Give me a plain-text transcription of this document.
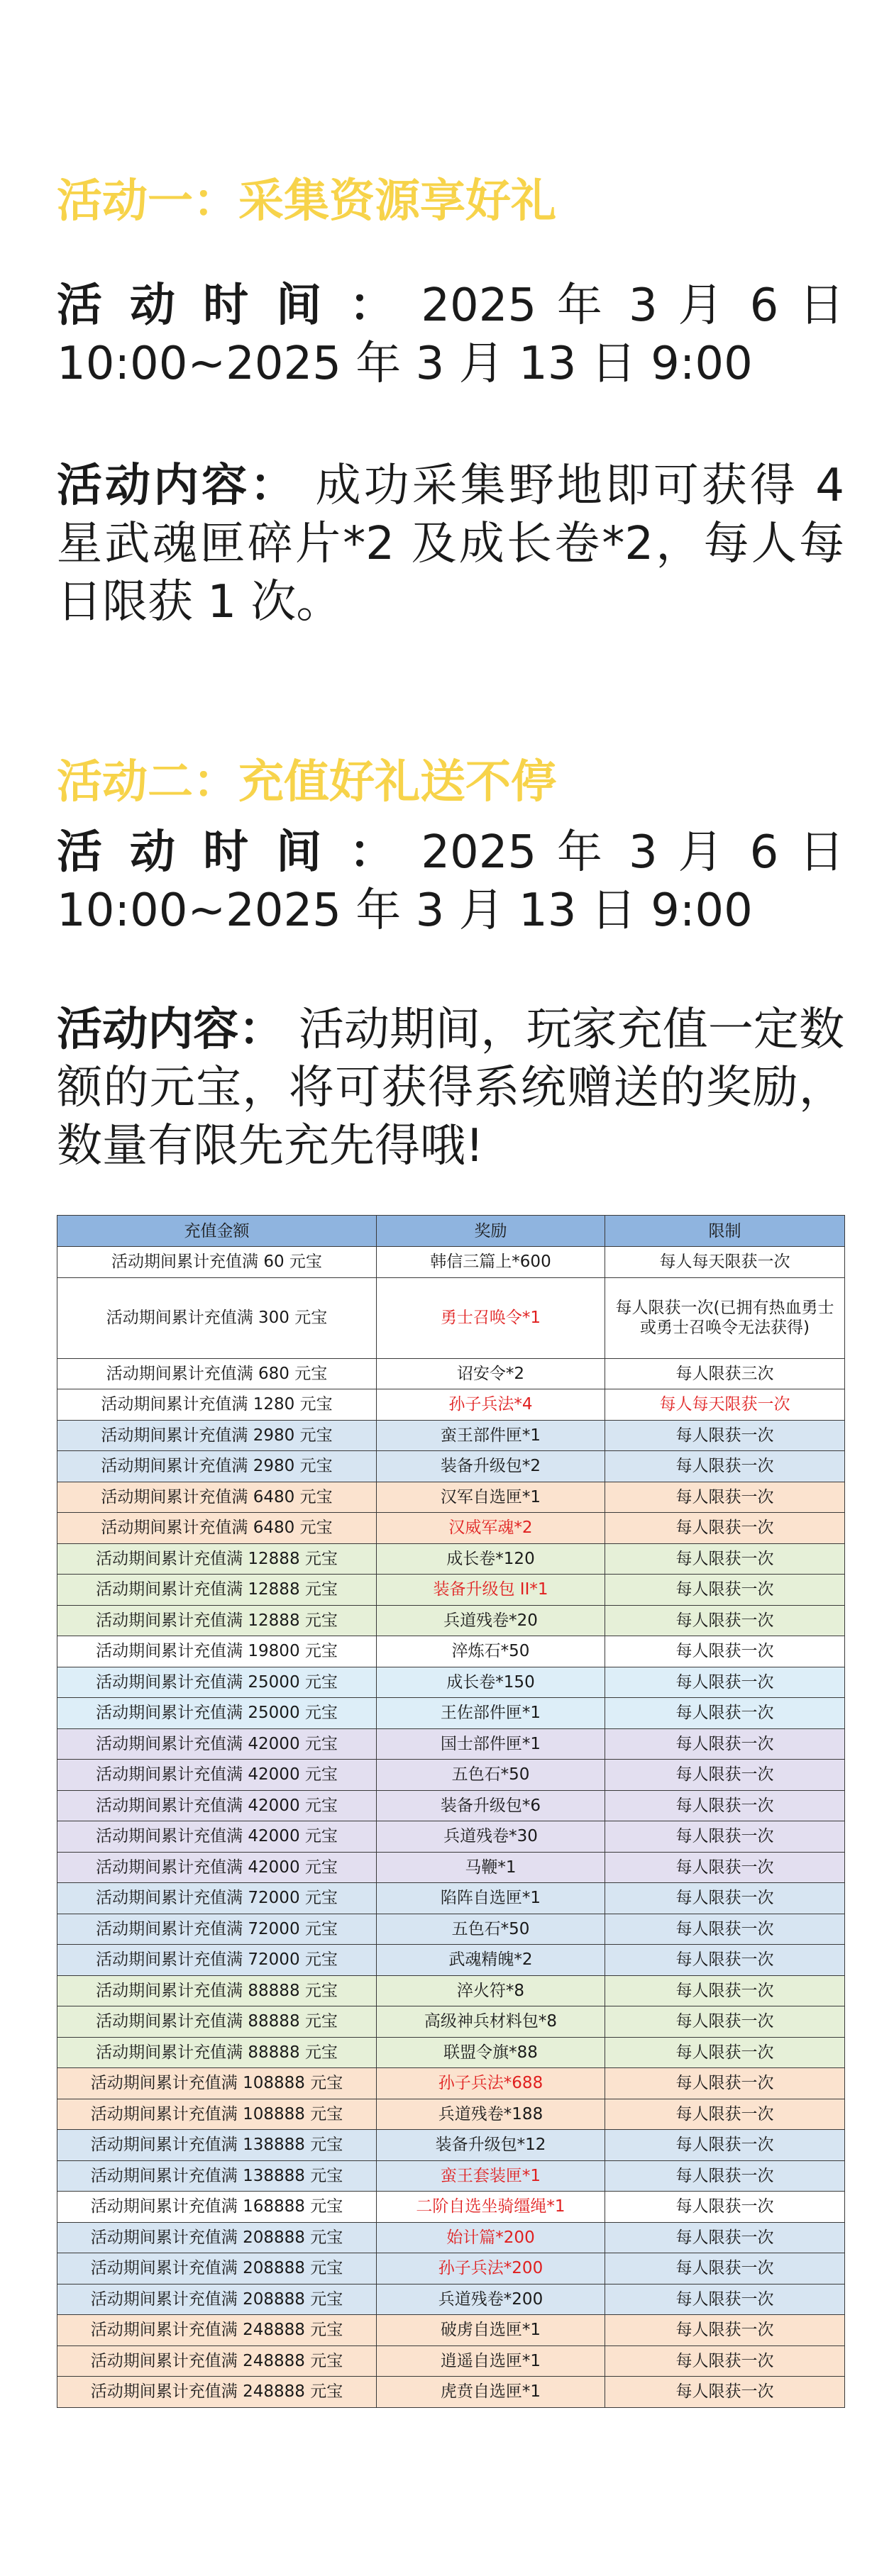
活动一：采集资源享好礼
活 动 时 间 ： 2025 年 3 月 6 日 10:00~2025 年 3 月 13 日 9:00
活动内容： 成功采集野地即可获得 4 星武魂匣碎片*2 及成长卷*2，每人每日限获 1 次。
活动二：充值好礼送不停
活 动 时 间 ： 2025 年 3 月 6 日 10:00~2025 年 3 月 13 日 9:00
活动内容： 活动期间，玩家充值一定数额的元宝，将可获得系统赠送的奖励，数量有限先充先得哦!
充值金额	奖励	限制
活动期间累计充值满 60 元宝	韩信三篇上*600	每人每天限获一次
活动期间累计充值满 300 元宝	勇士召唤令*1	每人限获一次(已拥有热血勇士或勇士召唤令无法获得)
活动期间累计充值满 680 元宝	诏安令*2	每人限获三次
活动期间累计充值满 1280 元宝	孙子兵法*4	每人每天限获一次
活动期间累计充值满 2980 元宝	蛮王部件匣*1	每人限获一次
活动期间累计充值满 2980 元宝	装备升级包*2	每人限获一次
活动期间累计充值满 6480 元宝	汉军自选匣*1	每人限获一次
活动期间累计充值满 6480 元宝	汉威军魂*2	每人限获一次
活动期间累计充值满 12888 元宝	成长卷*120	每人限获一次
活动期间累计充值满 12888 元宝	装备升级包 II*1	每人限获一次
活动期间累计充值满 12888 元宝	兵道残卷*20	每人限获一次
活动期间累计充值满 19800 元宝	淬炼石*50	每人限获一次
活动期间累计充值满 25000 元宝	成长卷*150	每人限获一次
活动期间累计充值满 25000 元宝	王佐部件匣*1	每人限获一次
活动期间累计充值满 42000 元宝	国士部件匣*1	每人限获一次
活动期间累计充值满 42000 元宝	五色石*50	每人限获一次
活动期间累计充值满 42000 元宝	装备升级包*6	每人限获一次
活动期间累计充值满 42000 元宝	兵道残卷*30	每人限获一次
活动期间累计充值满 42000 元宝	马鞭*1	每人限获一次
活动期间累计充值满 72000 元宝	陷阵自选匣*1	每人限获一次
活动期间累计充值满 72000 元宝	五色石*50	每人限获一次
活动期间累计充值满 72000 元宝	武魂精魄*2	每人限获一次
活动期间累计充值满 88888 元宝	淬火符*8	每人限获一次
活动期间累计充值满 88888 元宝	高级神兵材料包*8	每人限获一次
活动期间累计充值满 88888 元宝	联盟令旗*88	每人限获一次
活动期间累计充值满 108888 元宝	孙子兵法*688	每人限获一次
活动期间累计充值满 108888 元宝	兵道残卷*188	每人限获一次
活动期间累计充值满 138888 元宝	装备升级包*12	每人限获一次
活动期间累计充值满 138888 元宝	蛮王套装匣*1	每人限获一次
活动期间累计充值满 168888 元宝	二阶自选坐骑缰绳*1	每人限获一次
活动期间累计充值满 208888 元宝	始计篇*200	每人限获一次
活动期间累计充值满 208888 元宝	孙子兵法*200	每人限获一次
活动期间累计充值满 208888 元宝	兵道残卷*200	每人限获一次
活动期间累计充值满 248888 元宝	破虏自选匣*1	每人限获一次
活动期间累计充值满 248888 元宝	逍遥自选匣*1	每人限获一次
活动期间累计充值满 248888 元宝	虎贲自选匣*1	每人限获一次
